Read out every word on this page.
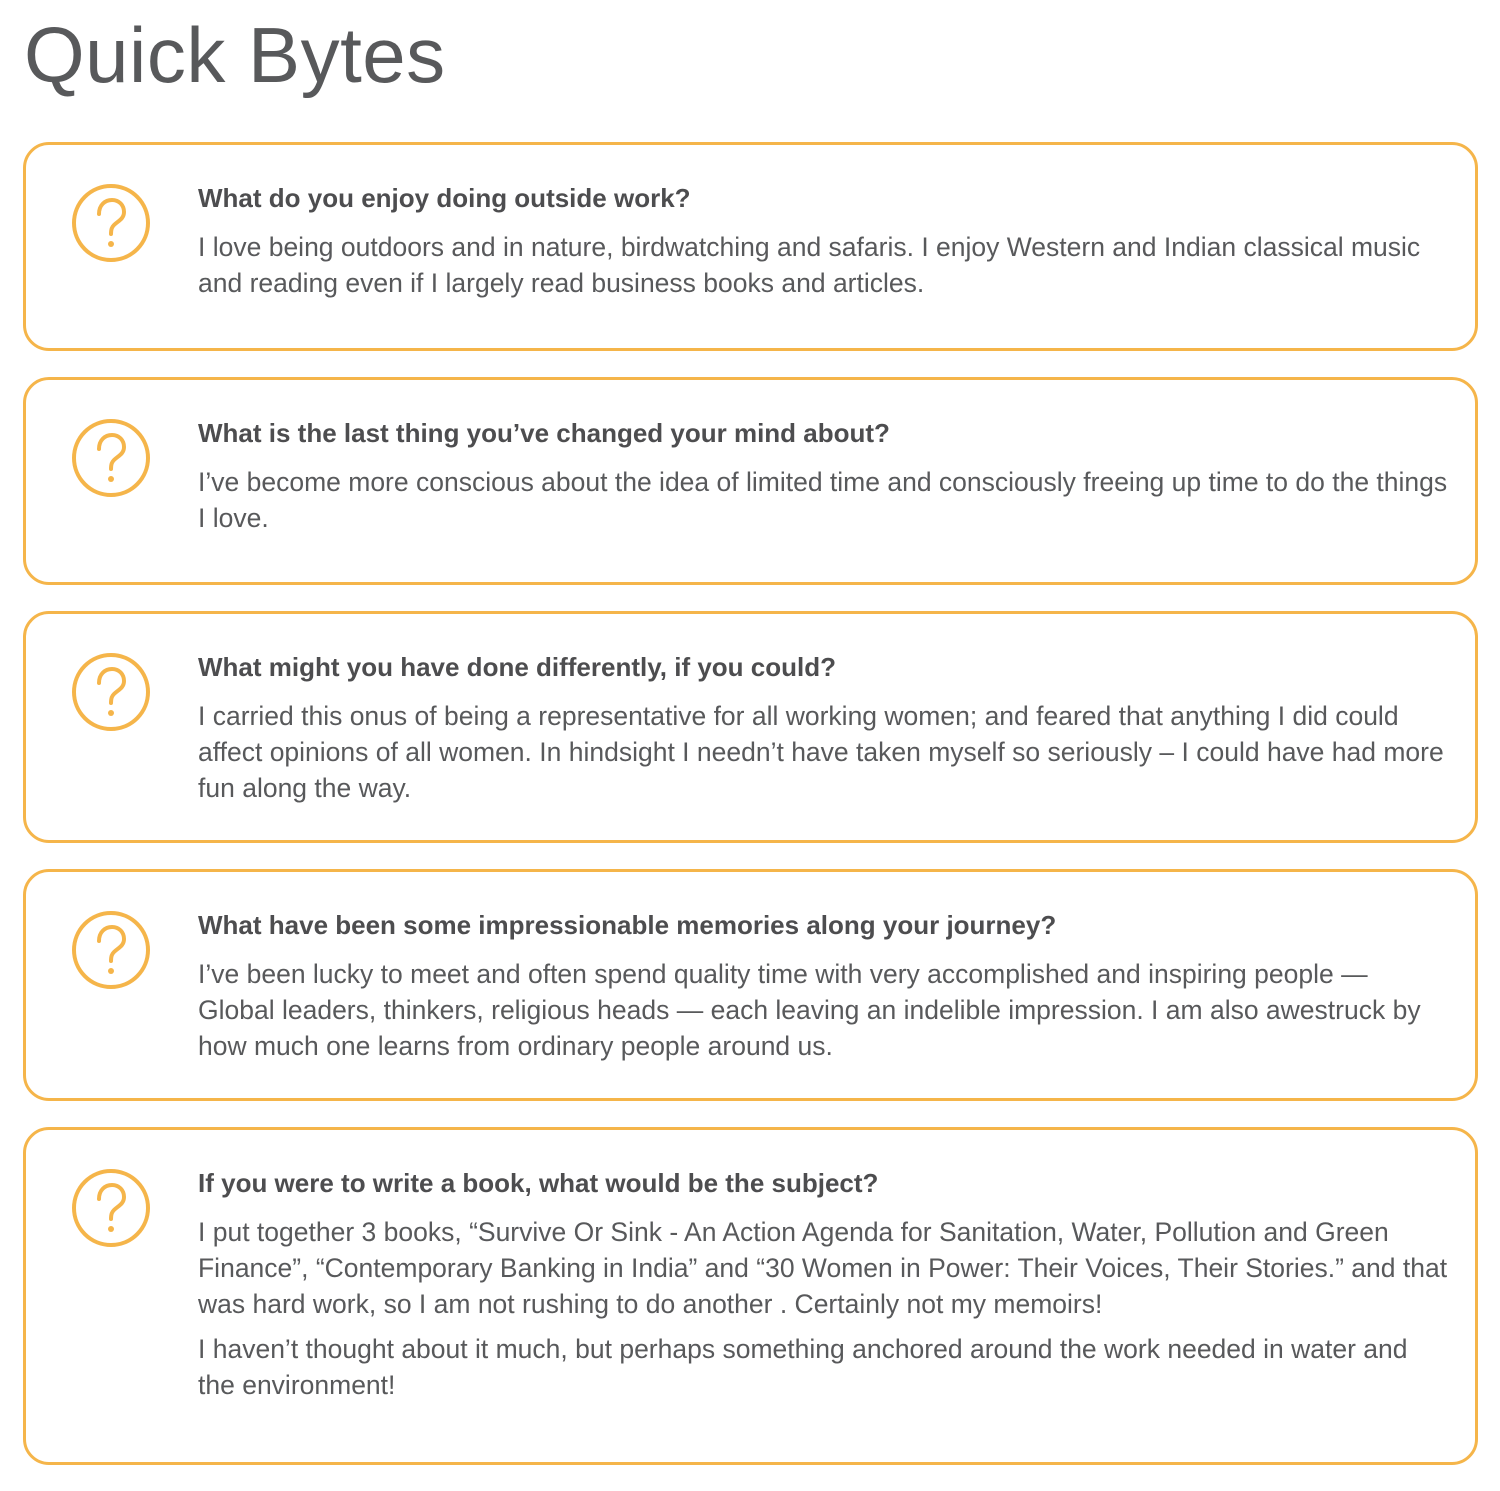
Quick Bytes

What do you enjoy doing outside work?

I love being outdoors and in nature, birdwatching and safaris. I enjoy Western and Indian classical music and reading even if I largely read business books and articles.

What is the last thing you’ve changed your mind about?

I’ve become more conscious about the idea of limited time and consciously freeing up time to do the things I love.

What might you have done differently, if you could?

I carried this onus of being a representative for all working women; and feared that anything I did could affect opinions of all women. In hindsight I needn’t have taken myself so seriously – I could have had more fun along the way.

What have been some impressionable memories along your journey?

I’ve been lucky to meet and often spend quality time with very accomplished and inspiring people — Global leaders, thinkers, religious heads — each leaving an indelible impression. I am also awestruck by how much one learns from ordinary people around us.

If you were to write a book, what would be the subject?

I put together 3 books, “Survive Or Sink - An Action Agenda for Sanitation, Water, Pollution and Green Finance”, “Contemporary Banking in India” and “30 Women in Power: Their Voices, Their Stories.” and that was hard work, so I am not rushing to do another . Certainly not my memoirs!

I haven’t thought about it much, but perhaps something anchored around the work needed in water and the environment!
